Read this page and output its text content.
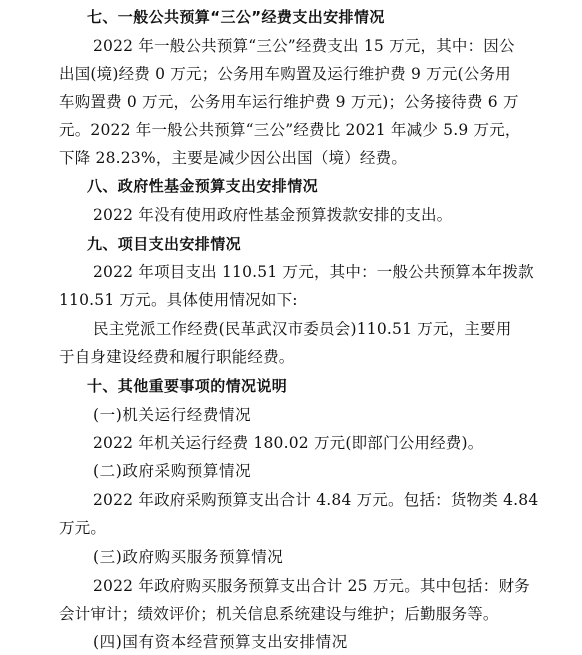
七、一般公共预算“三公”经费支出安排情况
2022 年一般公共预算“三公”经费支出 15 万元，其中：因公
出国(境)经费 0 万元；公务用车购置及运行维护费 9 万元(公务用
车购置费 0 万元，公务用车运行维护费 9 万元)；公务接待费 6 万
元。2022 年一般公共预算“三公”经费比 2021 年减少 5.9 万元，
下降 28.23%，主要是减少因公出国（境）经费。
八、政府性基金预算支出安排情况
2022 年没有使用政府性基金预算拨款安排的支出。
九、项目支出安排情况
2022 年项目支出 110.51 万元，其中：一般公共预算本年拨款
110.51 万元。具体使用情况如下:
民主党派工作经费(民革武汉市委员会)110.51 万元，主要用
于自身建设经费和履行职能经费。
十、其他重要事项的情况说明
(一)机关运行经费情况
2022 年机关运行经费 180.02 万元(即部门公用经费)。
(二)政府采购预算情况
2022 年政府采购预算支出合计 4.84 万元。包括：货物类 4.84
万元。
(三)政府购买服务预算情况
2022 年政府购买服务预算支出合计 25 万元。其中包括：财务
会计审计；绩效评价；机关信息系统建设与维护；后勤服务等。
(四)国有资本经营预算支出安排情况
